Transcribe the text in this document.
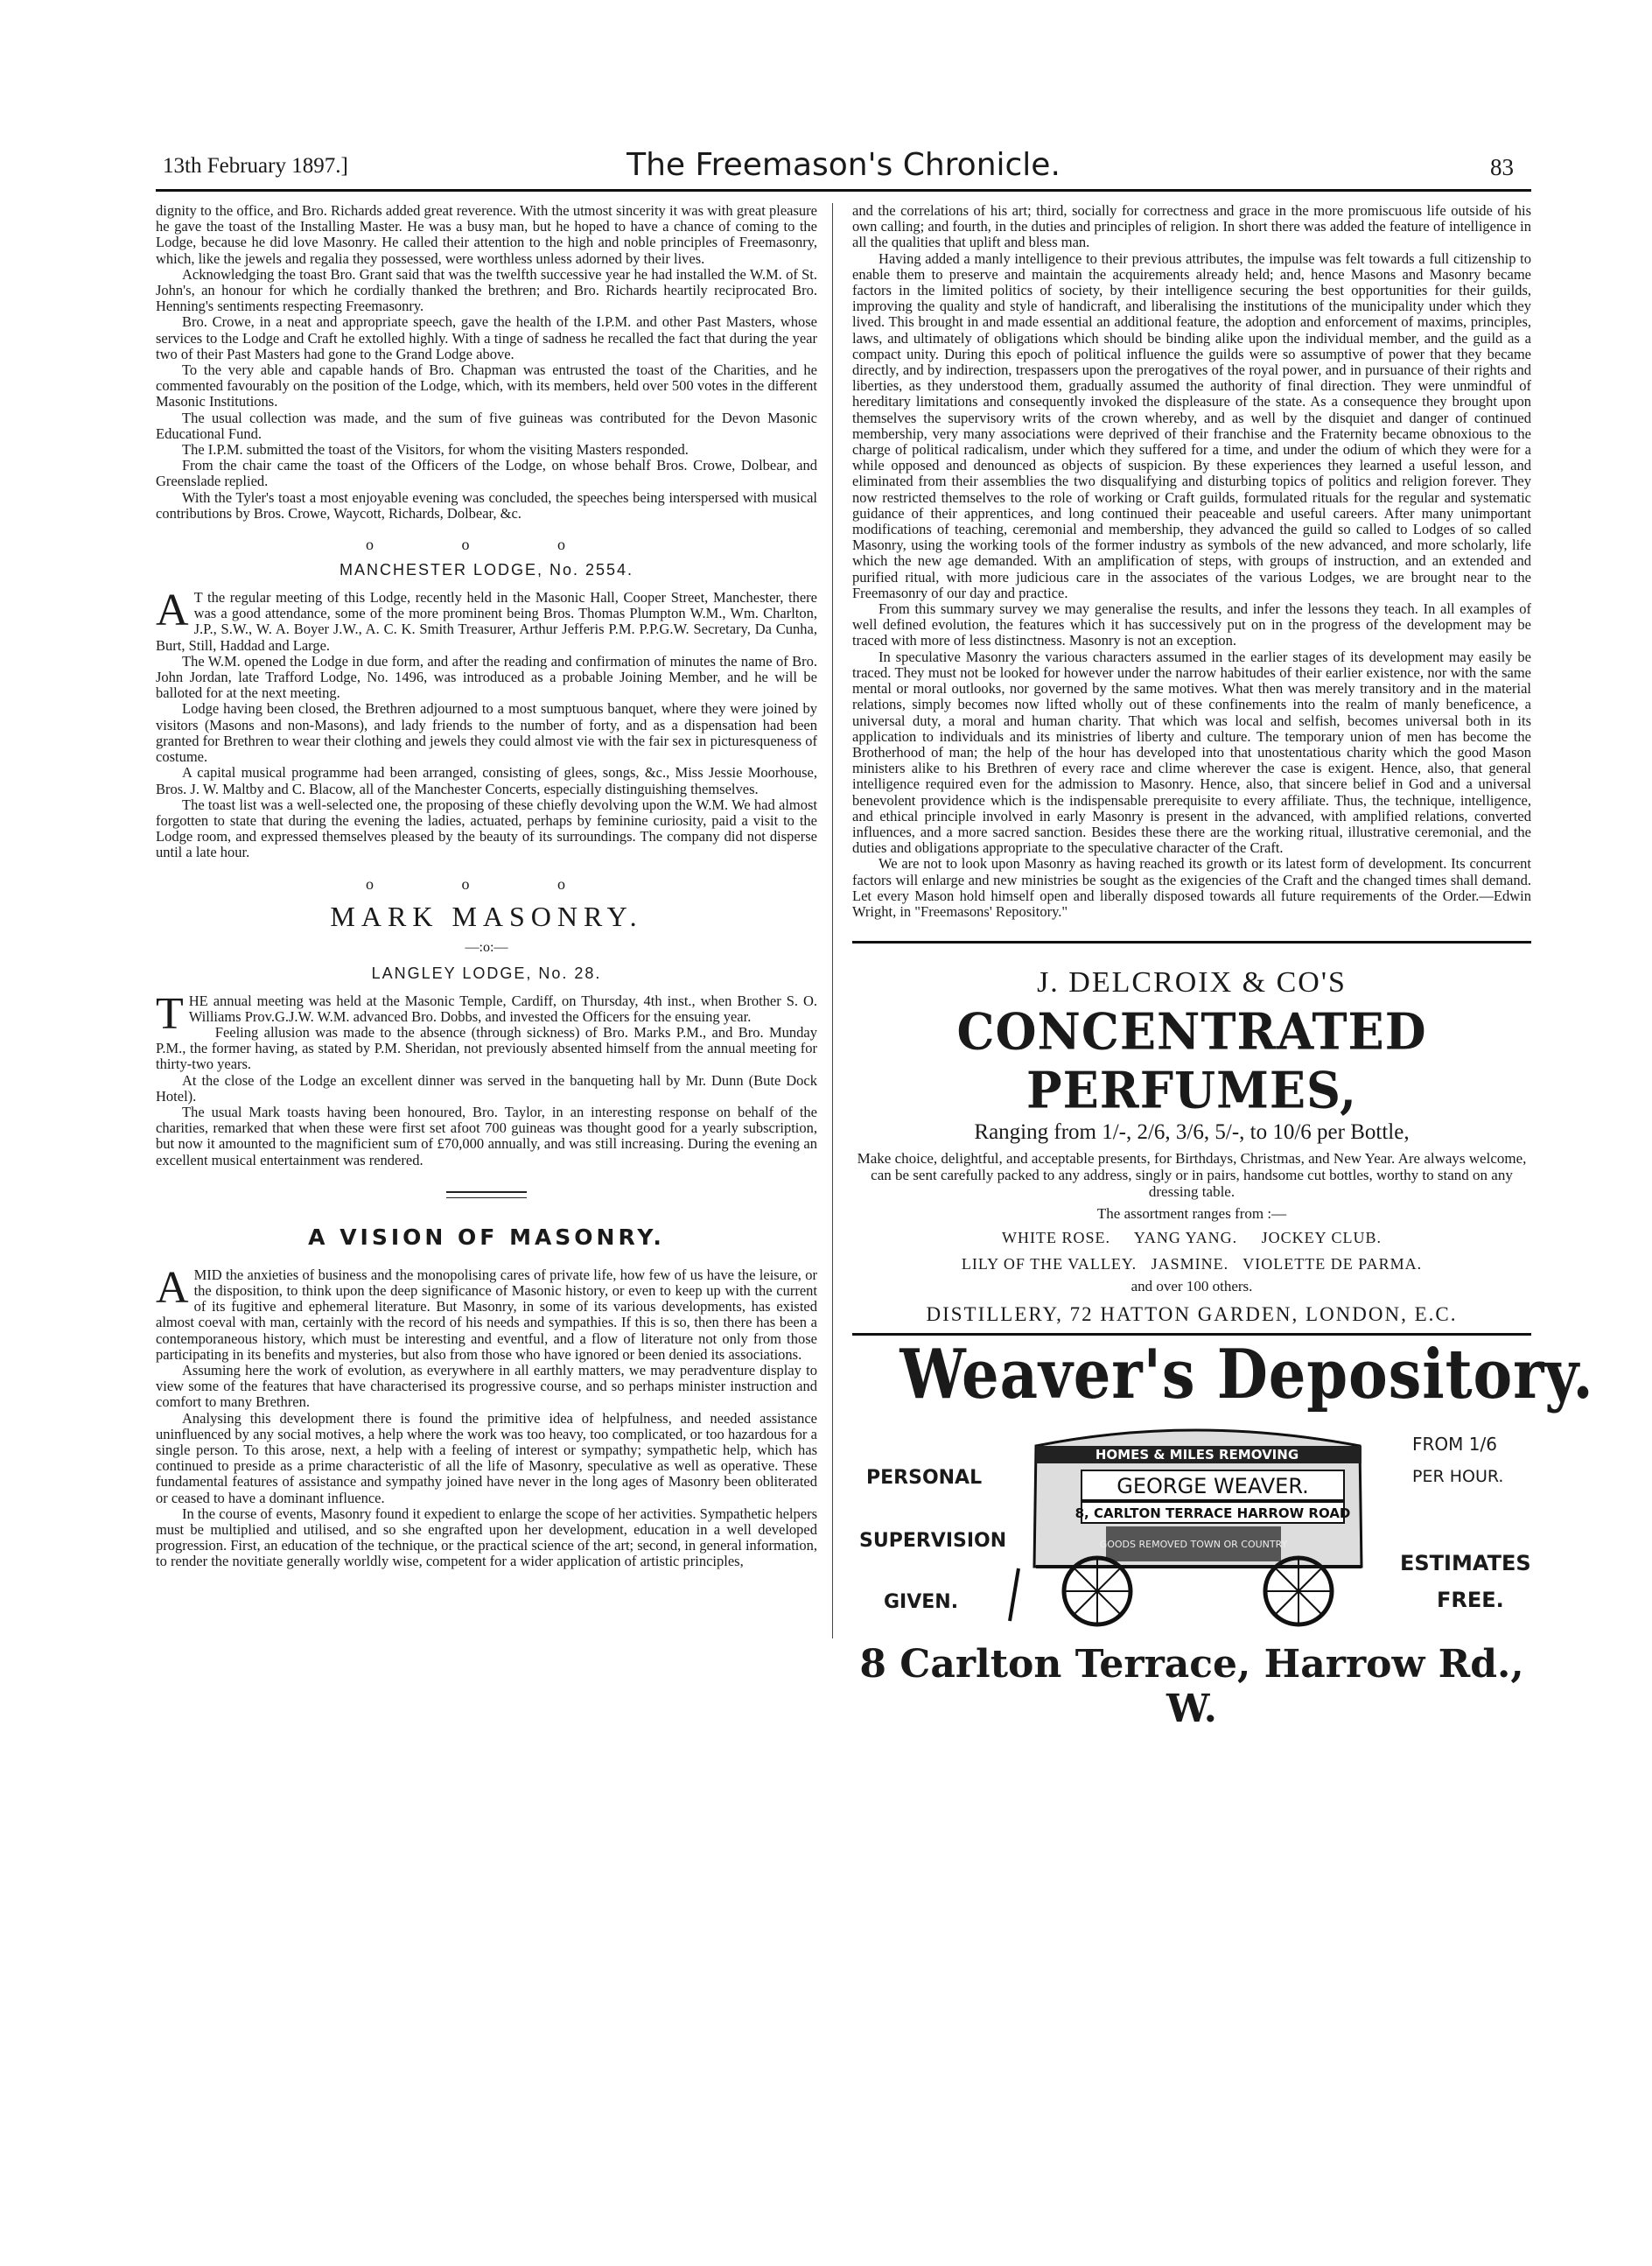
13th February 1897.]	The Freemason's Chronicle.	83

dignity to the office, and Bro. Richards added great reverence. With the utmost sincerity it was with great pleasure he gave the toast of the Installing Master. He was a busy man, but he hoped to have a chance of coming to the Lodge, because he did love Masonry. He called their attention to the high and noble principles of Freemasonry, which, like the jewels and regalia they possessed, were worthless unless adorned by their lives.

Acknowledging the toast Bro. Grant said that was the twelfth successive year he had installed the W.M. of St. John's, an honour for which he cordially thanked the brethren; and Bro. Richards heartily reciprocated Bro. Henning's sentiments respecting Freemasonry.

Bro. Crowe, in a neat and appropriate speech, gave the health of the I.P.M. and other Past Masters, whose services to the Lodge and Craft he extolled highly. With a tinge of sadness he recalled the fact that during the year two of their Past Masters had gone to the Grand Lodge above.

To the very able and capable hands of Bro. Chapman was entrusted the toast of the Charities, and he commented favourably on the position of the Lodge, which, with its members, held over 500 votes in the different Masonic Institutions.

The usual collection was made, and the sum of five guineas was contributed for the Devon Masonic Educational Fund.

The I.P.M. submitted the toast of the Visitors, for whom the visiting Masters responded.

From the chair came the toast of the Officers of the Lodge, on whose behalf Bros. Crowe, Dolbear, and Greenslade replied.

With the Tyler's toast a most enjoyable evening was concluded, the speeches being interspersed with musical contributions by Bros. Crowe, Waycott, Richards, Dolbear, &c.

o o o
MANCHESTER LODGE, No. 2554.

A T the regular meeting of this Lodge, recently held in the Masonic Hall, Cooper Street, Manchester, there was a good attendance, some of the more prominent being Bros. Thomas Plumpton W.M., Wm. Charlton, J.P., S.W., W. A. Boyer J.W., A. C. K. Smith Treasurer, Arthur Jefferis P.M. P.P.G.W. Secretary, Da Cunha, Burt, Still, Haddad and Large.

The W.M. opened the Lodge in due form, and after the reading and confirmation of minutes the name of Bro. John Jordan, late Trafford Lodge, No. 1496, was introduced as a probable Joining Member, and he will be balloted for at the next meeting.

Lodge having been closed, the Brethren adjourned to a most sumptuous banquet, where they were joined by visitors (Masons and non-Masons), and lady friends to the number of forty, and as a dispensation had been granted for Brethren to wear their clothing and jewels they could almost vie with the fair sex in picturesqueness of costume.

A capital musical programme had been arranged, consisting of glees, songs, &c., Miss Jessie Moorhouse, Bros. J. W. Maltby and C. Blacow, all of the Manchester Concerts, especially distinguishing themselves.

The toast list was a well-selected one, the proposing of these chiefly devolving upon the W.M. We had almost forgotten to state that during the evening the ladies, actuated, perhaps by feminine curiosity, paid a visit to the Lodge room, and expressed themselves pleased by the beauty of its surroundings. The company did not disperse until a late hour.

o o o
MARK MASONRY.
—:o:—
LANGLEY LODGE, No. 28.

THE annual meeting was held at the Masonic Temple, Cardiff, on Thursday, 4th inst., when Brother S. O. Williams Prov.G.J.W. W.M. advanced Bro. Dobbs, and invested the Officers for the ensuing year.

Feeling allusion was made to the absence (through sickness) of Bro. Marks P.M., and Bro. Munday P.M., the former having, as stated by P.M. Sheridan, not previously absented himself from the annual meeting for thirty-two years.

At the close of the Lodge an excellent dinner was served in the banqueting hall by Mr. Dunn (Bute Dock Hotel).

The usual Mark toasts having been honoured, Bro. Taylor, in an interesting response on behalf of the charities, remarked that when these were first set afoot 700 guineas was thought good for a yearly subscription, but now it amounted to the magnificient sum of £70,000 annually, and was still increasing. During the evening an excellent musical entertainment was rendered.

A VISION OF MASONRY.

AMID the anxieties of business and the monopolising cares of private life, how few of us have the leisure, or the disposition, to think upon the deep significance of Masonic history, or even to keep up with the current of its fugitive and ephemeral literature. But Masonry, in some of its various developments, has existed almost coeval with man, certainly with the record of his needs and sympathies. If this is so, then there has been a contemporaneous history, which must be interesting and eventful, and a flow of literature not only from those participating in its benefits and mysteries, but also from those who have ignored or been denied its associations.

Assuming here the work of evolution, as everywhere in all earthly matters, we may peradventure display to view some of the features that have characterised its progressive course, and so perhaps minister instruction and comfort to many Brethren.

Analysing this development there is found the primitive idea of helpfulness, and needed assistance uninfluenced by any social motives, a help where the work was too heavy, too complicated, or too hazardous for a single person. To this arose, next, a help with a feeling of interest or sympathy; sympathetic help, which has continued to preside as a prime characteristic of all the life of Masonry, speculative as well as operative. These fundamental features of assistance and sympathy joined have never in the long ages of Masonry been obliterated or ceased to have a dominant influence.

In the course of events, Masonry found it expedient to enlarge the scope of her activities. Sympathetic helpers must be multiplied and utilised, and so she engrafted upon her development, education in a well developed progression. First, an education of the technique, or the practical science of the art; second, in general information, to render the novitiate generally worldly wise, competent for a wider application of artistic principles,

and the correlations of his art; third, socially for correctness and grace in the more promiscuous life outside of his own calling; and fourth, in the duties and principles of religion. In short there was added the feature of intelligence in all the qualities that uplift and bless man.

Having added a manly intelligence to their previous attributes, the impulse was felt towards a full citizenship to enable them to preserve and maintain the acquirements already held; and, hence Masons and Masonry became factors in the limited politics of society, by their intelligence securing the best opportunities for their guilds, improving the quality and style of handicraft, and liberalising the institutions of the municipality under which they lived. This brought in and made essential an additional feature, the adoption and enforcement of maxims, principles, laws, and ultimately of obligations which should be binding alike upon the individual member, and the guild as a compact unity. During this epoch of political influence the guilds were so assumptive of power that they became directly, and by indirection, trespassers upon the prerogatives of the royal power, and in pursuance of their rights and liberties, as they understood them, gradually assumed the authority of final direction. They were unmindful of hereditary limitations and consequently invoked the displeasure of the state. As a consequence they brought upon themselves the supervisory writs of the crown whereby, and as well by the disquiet and danger of continued membership, very many associations were deprived of their franchise and the Fraternity became obnoxious to the charge of political radicalism, under which they suffered for a time, and under the odium of which they were for a while opposed and denounced as objects of suspicion. By these experiences they learned a useful lesson, and eliminated from their assemblies the two disqualifying and disturbing topics of politics and religion forever. They now restricted themselves to the role of working or Craft guilds, formulated rituals for the regular and systematic guidance of their apprentices, and long continued their peaceable and useful careers. After many unimportant modifications of teaching, ceremonial and membership, they advanced the guild so called to Lodges of so called Masonry, using the working tools of the former industry as symbols of the new advanced, and more scholarly, life which the new age demanded. With an amplification of steps, with groups of instruction, and an extended and purified ritual, with more judicious care in the associates of the various Lodges, we are brought near to the Freemasonry of our day and practice.

From this summary survey we may generalise the results, and infer the lessons they teach. In all examples of well defined evolution, the features which it has successively put on in the progress of the development may be traced with more of less distinctness. Masonry is not an exception.

In speculative Masonry the various characters assumed in the earlier stages of its development may easily be traced. They must not be looked for however under the narrow habitudes of their earlier existence, nor with the same mental or moral outlooks, nor governed by the same motives. What then was merely transitory and in the material relations, simply becomes now lifted wholly out of these confinements into the realm of manly beneficence, a universal duty, a moral and human charity. That which was local and selfish, becomes universal both in its application to individuals and its ministries of liberty and culture. The temporary union of men has become the Brotherhood of man; the help of the hour has developed into that unostentatious charity which the good Mason ministers alike to his Brethren of every race and clime wherever the case is exigent. Hence, also, that general intelligence required even for the admission to Masonry. Hence, also, that sincere belief in God and a universal benevolent providence which is the indispensable prerequisite to every affiliate. Thus, the technique, intelligence, and ethical principle involved in early Masonry is present in the advanced, with amplified relations, converted influences, and a more sacred sanction. Besides these there are the working ritual, illustrative ceremonial, and the duties and obligations appropriate to the speculative character of the Craft.

We are not to look upon Masonry as having reached its growth or its latest form of development. Its concurrent factors will enlarge and new ministries be sought as the exigencies of the Craft and the changed times shall demand. Let every Mason hold himself open and liberally disposed towards all future requirements of the Order.—Edwin Wright, in "Freemasons' Repository."

J. DELCROIX & CO'S
CONCENTRATED PERFUMES,
Ranging from 1/-, 2/6, 3/6, 5/-, to 10/6 per Bottle,

Make choice, delightful, and acceptable presents, for Birthdays, Christmas, and New Year. Are always welcome, can be sent carefully packed to any address, singly or in pairs, handsome cut bottles, worthy to stand on any dressing table.

The assortment ranges from :—

WHITE ROSE.     YANG YANG.     JOCKEY CLUB.
LILY OF THE VALLEY.   JASMINE.   VIOLETTE DE PARMA.

and over 100 others.

DISTILLERY, 72 HATTON GARDEN, LONDON, E.C.
Weaver's Depository.
PERSONAL
SUPERVISION
GIVEN.
HOMES & MILES REMOVING
GEORGE WEAVER.
8, CARLTON TERRACE HARROW ROAD
GOODS REMOVED TOWN OR COUNTRY
FROM 1/6
PER HOUR.
ESTIMATES
FREE.
8 Carlton Terrace, Harrow Rd., W.
